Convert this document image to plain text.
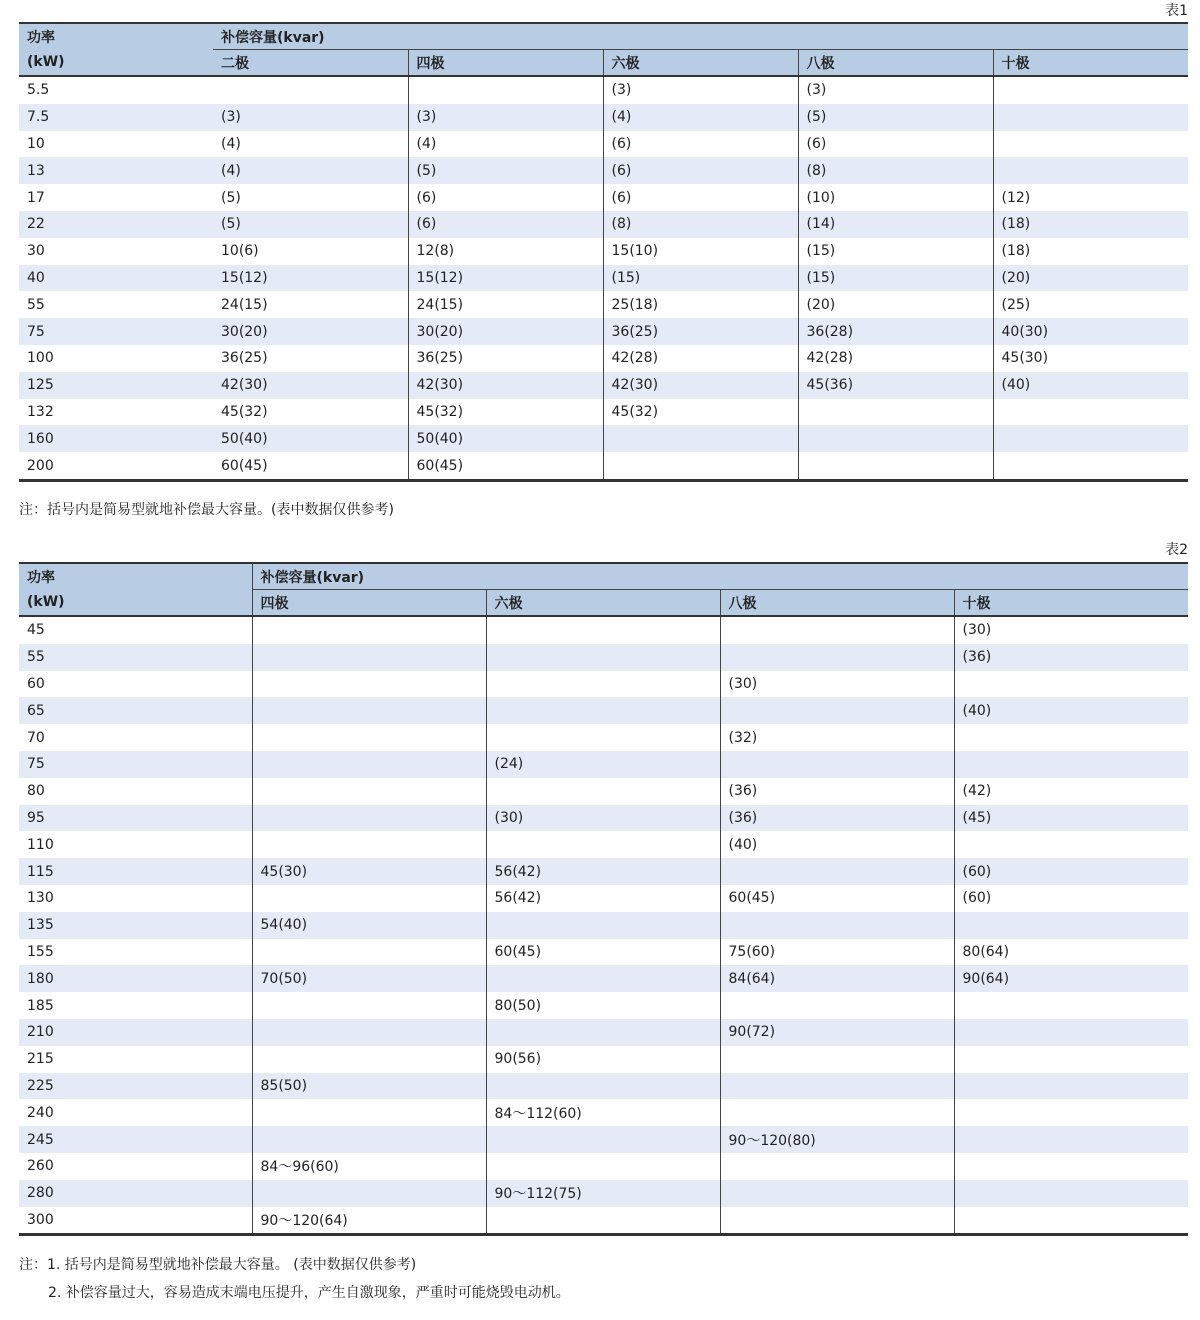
表1
功率	补偿容量(kvar)				
(kW)	二极	四极	六极	八极	十极
5.5			(3)	(3)	
7.5	(3)	(3)	(4)	(5)	
10	(4)	(4)	(6)	(6)	
13	(4)	(5)	(6)	(8)	
17	(5)	(6)	(6)	(10)	(12)
22	(5)	(6)	(8)	(14)	(18)
30	10(6)	12(8)	15(10)	(15)	(18)
40	15(12)	15(12)	(15)	(15)	(20)
55	24(15)	24(15)	25(18)	(20)	(25)
75	30(20)	30(20)	36(25)	36(28)	40(30)
100	36(25)	36(25)	42(28)	42(28)	45(30)
125	42(30)	42(30)	42(30)	45(36)	(40)
132	45(32)	45(32)	45(32)		
160	50(40)	50(40)			
200	60(45)	60(45)			
注：括号内是简易型就地补偿最大容量。(表中数据仅供参考)
表2
功率	补偿容量(kvar)			
(kW)	四极	六极	八极	十极
45				(30)
55				(36)
60			(30)	
65				(40)
70			(32)	
75		(24)		
80			(36)	(42)
95		(30)	(36)	(45)
110			(40)	
115	45(30)	56(42)		(60)
130		56(42)	60(45)	(60)
135	54(40)			
155		60(45)	75(60)	80(64)
180	70(50)		84(64)	90(64)
185		80(50)		
210			90(72)	
215		90(56)		
225	85(50)			
240		84～112(60)		
245			90～120(80)	
260	84～96(60)			
280		90～112(75)		
300	90～120(64)			
注：1. 括号内是简易型就地补偿最大容量。 (表中数据仅供参考)
2. 补偿容量过大，容易造成末端电压提升，产生自激现象，严重时可能烧毁电动机。
